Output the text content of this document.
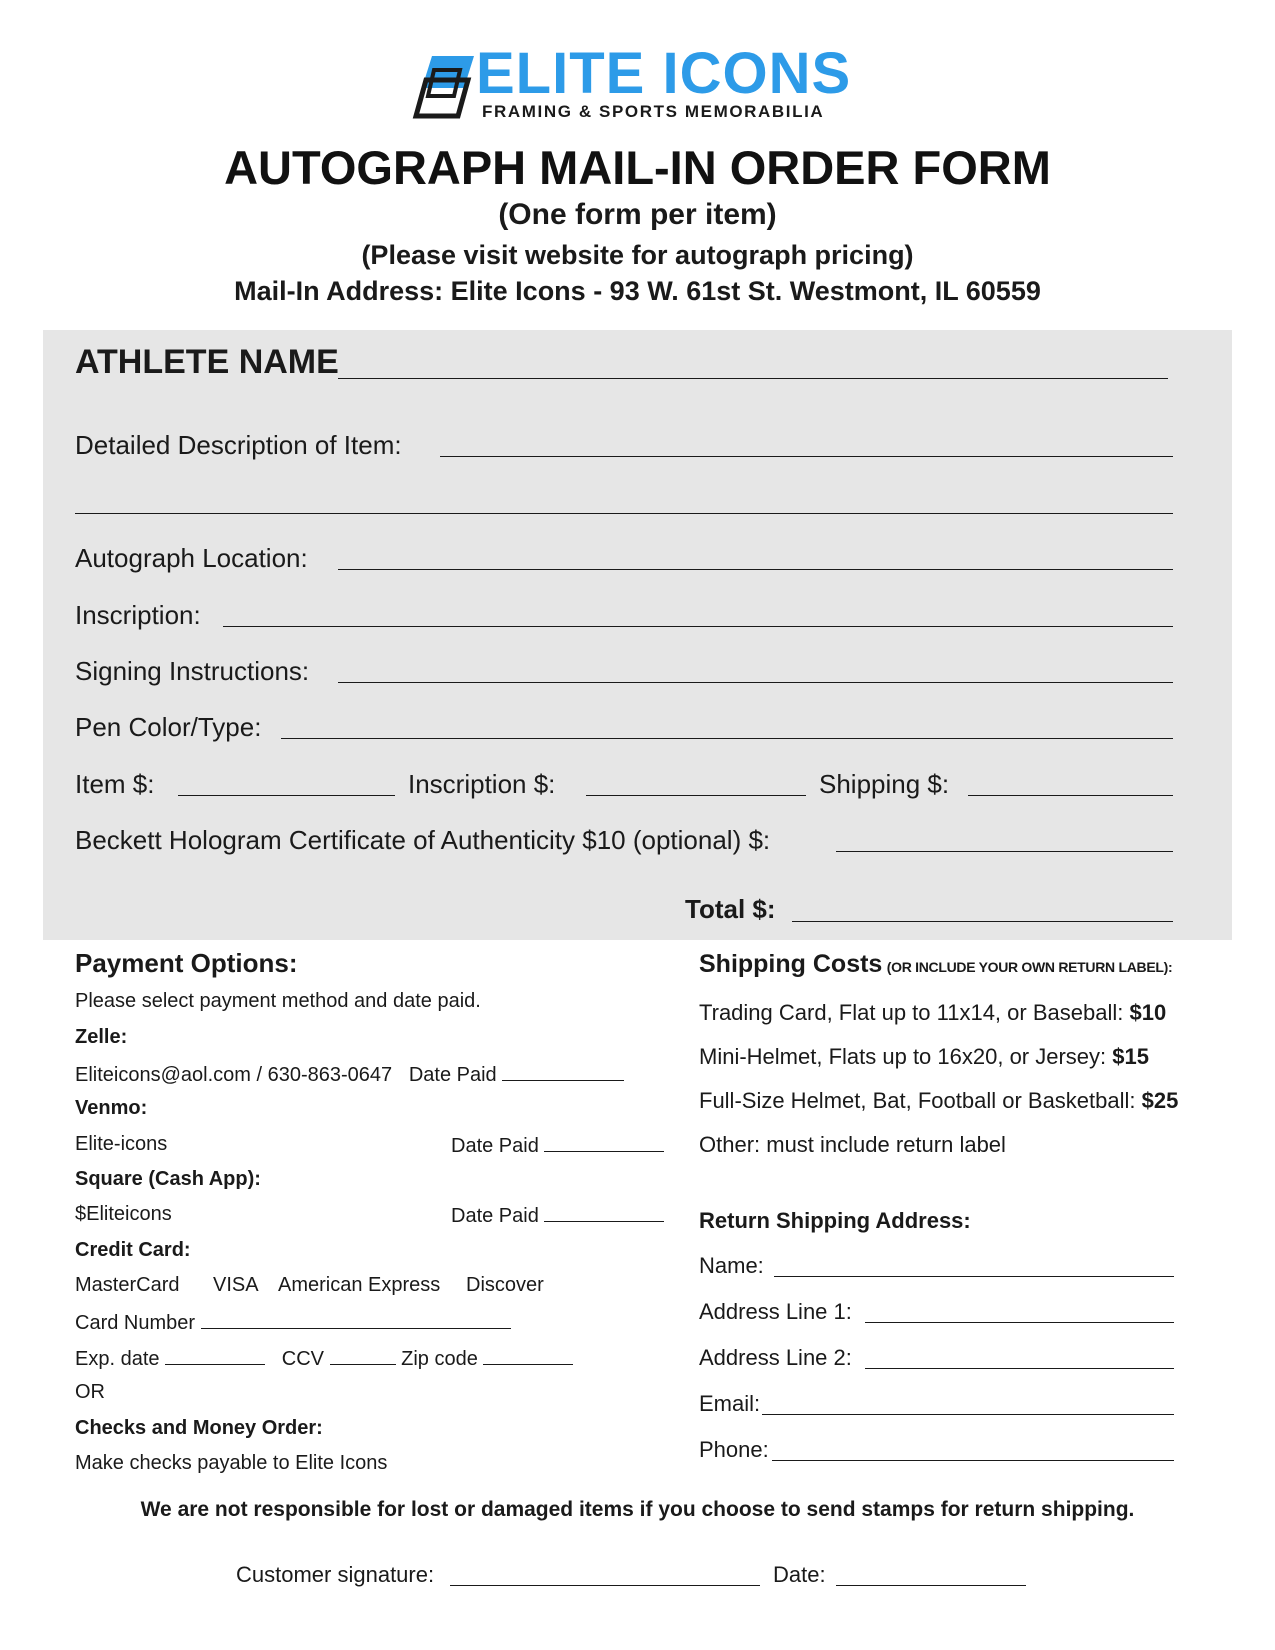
ELITE ICONS
FRAMING & SPORTS MEMORABILIA
AUTOGRAPH MAIL-IN ORDER FORM
(One form per item)
(Please visit website for autograph pricing)
Mail-In Address: Elite Icons - 93 W. 61st St. Westmont, IL 60559
ATHLETE NAME
Detailed Description of Item:
Autograph Location:
Inscription:
Signing Instructions:
Pen Color/Type:
Item $:	Inscription $:	Shipping $:
Beckett Hologram Certificate of Authenticity $10 (optional) $:
Total $:
Payment Options:
Please select payment method and date paid.
Zelle:
Eliteicons@aol.com / 630-863-0647 Date Paid
Venmo:
Elite-icons	Date Paid
Square (Cash App):
$Eliteicons	Date Paid
Credit Card:
MasterCard VISA American Express Discover
Card Number
Exp. date	CCV	Zip code
OR
Checks and Money Order:
Make checks payable to Elite Icons
Shipping Costs (OR INCLUDE YOUR OWN RETURN LABEL):
Trading Card, Flat up to 11x14, or Baseball: $10
Mini-Helmet, Flats up to 16x20, or Jersey: $15
Full-Size Helmet, Bat, Football or Basketball: $25
Other: must include return label
Return Shipping Address:
Name:
Address Line 1:
Address Line 2:
Email:
Phone:
We are not responsible for lost or damaged items if you choose to send stamps for return shipping.
Customer signature:	Date:
